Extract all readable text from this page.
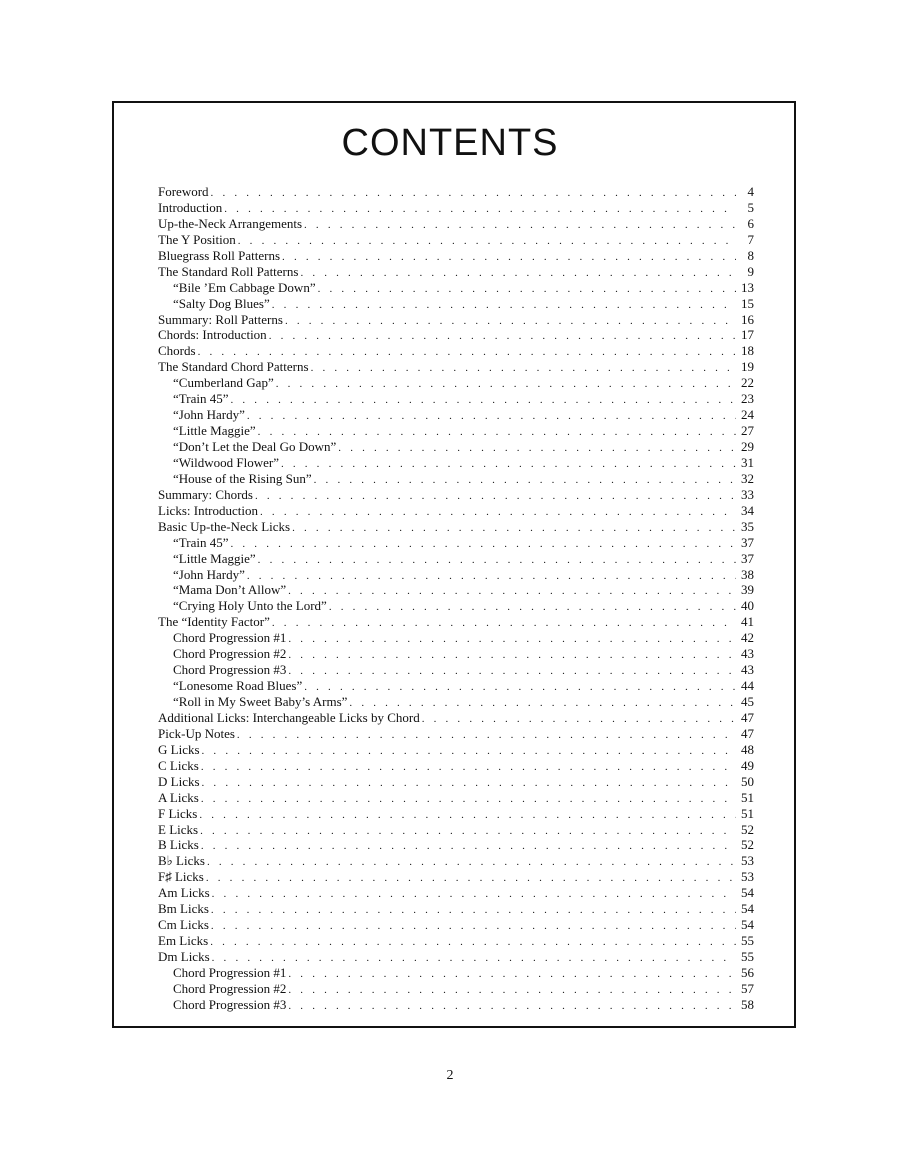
CONTENTS
Foreword . . .	4
Introduction . . .	5
Up-the-Neck Arrangements . . .	6
The Y Position . . .	7
Bluegrass Roll Patterns . . .	8
The Standard Roll Patterns . . .	9
“Bile ’Em Cabbage Down” . . .	13
“Salty Dog Blues” . . .	15
Summary: Roll Patterns . . .	16
Chords: Introduction . . .	17
Chords . . .	18
The Standard Chord Patterns . . .	19
“Cumberland Gap” . . .	22
“Train 45” . . .	23
“John Hardy” . . .	24
“Little Maggie” . . .	27
“Don’t Let the Deal Go Down” . . .	29
“Wildwood Flower” . . .	31
“House of the Rising Sun” . . .	32
Summary: Chords . . .	33
Licks: Introduction . . .	34
Basic Up-the-Neck Licks . . .	35
“Train 45” . . .	37
“Little Maggie” . . .	37
“John Hardy” . . .	38
“Mama Don’t Allow” . . .	39
“Crying Holy Unto the Lord” . . .	40
The “Identity Factor” . . .	41
Chord Progression #1 . . .	42
Chord Progression #2 . . .	43
Chord Progression #3 . . .	43
“Lonesome Road Blues” . . .	44
“Roll in My Sweet Baby’s Arms” . . .	45
Additional Licks: Interchangeable Licks by Chord . . .	47
Pick-Up Notes . . .	47
G Licks . . .	48
C Licks . . .	49
D Licks . . .	50
A Licks . . .	51
F Licks . . .	51
E Licks . . .	52
B Licks . . .	52
B♭ Licks . . .	53
F♯ Licks . . .	53
Am Licks . . .	54
Bm Licks . . .	54
Cm Licks . . .	54
Em Licks . . .	55
Dm Licks . . .	55
Chord Progression #1 . . .	56
Chord Progression #2 . . .	57
Chord Progression #3 . . .	58
2
